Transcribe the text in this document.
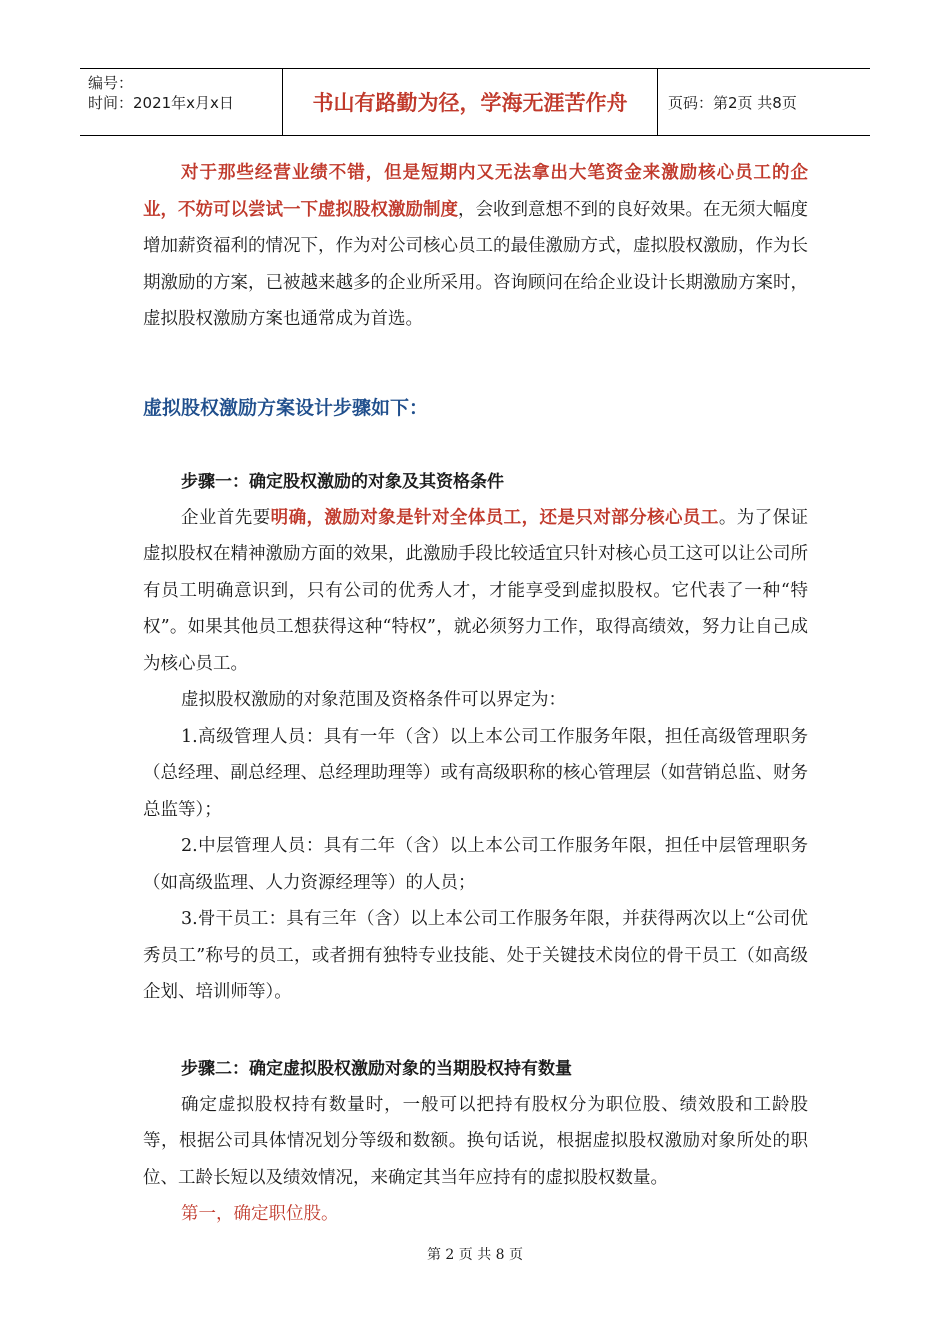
编号：
时间：2021年x月x日	书山有路勤为径，学海无涯苦作舟	页码：第2页 共8页

对于那些经营业绩不错，但是短期内又无法拿出大笔资金来激励核心员工的企业，不妨可以尝试一下虚拟股权激励制度，会收到意想不到的良好效果。在无须大幅度增加薪资福利的情况下，作为对公司核心员工的最佳激励方式，虚拟股权激励，作为长期激励的方案，已被越来越多的企业所采用。咨询顾问在给企业设计长期激励方案时，虚拟股权激励方案也通常成为首选。

虚拟股权激励方案设计步骤如下：

步骤一：确定股权激励的对象及其资格条件

企业首先要明确，激励对象是针对全体员工，还是只对部分核心员工。为了保证虚拟股权在精神激励方面的效果，此激励手段比较适宜只针对核心员工这可以让公司所有员工明确意识到，只有公司的优秀人才，才能享受到虚拟股权。它代表了一种“特权”。如果其他员工想获得这种“特权”，就必须努力工作，取得高绩效，努力让自己成为核心员工。

虚拟股权激励的对象范围及资格条件可以界定为：

1.高级管理人员：具有一年（含）以上本公司工作服务年限，担任高级管理职务（总经理、副总经理、总经理助理等）或有高级职称的核心管理层（如营销总监、财务总监等）；

2.中层管理人员：具有二年（含）以上本公司工作服务年限，担任中层管理职务（如高级监理、人力资源经理等）的人员；

3.骨干员工：具有三年（含）以上本公司工作服务年限，并获得两次以上“公司优秀员工”称号的员工，或者拥有独特专业技能、处于关键技术岗位的骨干员工（如高级企划、培训师等）。

步骤二：确定虚拟股权激励对象的当期股权持有数量

确定虚拟股权持有数量时，一般可以把持有股权分为职位股、绩效股和工龄股等，根据公司具体情况划分等级和数额。换句话说，根据虚拟股权激励对象所处的职位、工龄长短以及绩效情况，来确定其当年应持有的虚拟股权数量。

第一，确定职位股。

第 2 页 共 8 页
